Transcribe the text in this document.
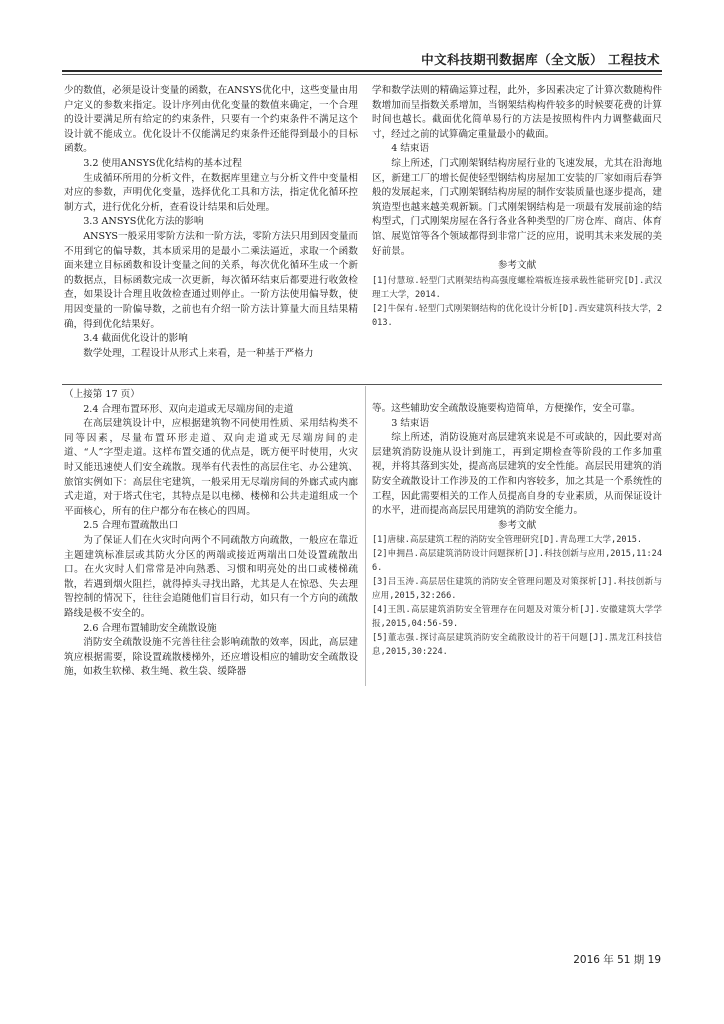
中文科技期刊数据库（全文版） 工程技术

少的数值，必须是设计变量的函数，在ANSYS优化中，这些变量由用户定义的参数来指定。设计序列由优化变量的数值来确定，一个合理的设计要满足所有给定的约束条件，只要有一个约束条件不满足这个设计就不能成立。优化设计不仅能满足约束条件还能得到最小的目标函数。

3.2 使用ANSYS优化结构的基本过程

生成循环所用的分析文件，在数据库里建立与分析文件中变量相对应的参数，声明优化变量，选择优化工具和方法，指定优化循环控制方式，进行优化分析，查看设计结果和后处理。

3.3 ANSYS优化方法的影响

ANSYS一般采用零阶方法和一阶方法，零阶方法只用到因变量而不用到它的偏导数，其本质采用的是最小二乘法逼近，求取一个函数面来建立目标函数和设计变量之间的关系，每次优化循环生成一个新的数据点，目标函数完成一次更新，每次循环结束后都要进行收敛检查，如果设计合理且收敛检查通过则停止。一阶方法使用偏导数，使用因变量的一阶偏导数，之前也有介绍一阶方法计算量大而且结果精确，得到优化结果好。

3.4 截面优化设计的影响

数学处理，工程设计从形式上来看，是一种基于严格力

学和数学法则的精确运算过程，此外，多因素决定了计算次数随构件数增加而呈指数关系增加，当钢架结构构件较多的时候要花费的计算时间也越长。截面优化简单易行的方法是按照构件内力调整截面尺寸，经过之前的试算确定重量最小的截面。

4 结束语

综上所述，门式刚架钢结构房屋行业的飞速发展，尤其在沿海地区，新建工厂的增长促使轻型钢结构房屋加工安装的厂家如雨后春笋般的发展起来，门式刚架钢结构房屋的制作安装质量也逐步提高，建筑造型也越来越美观新颖。门式刚架钢结构是一项最有发展前途的结构型式，门式刚架房屋在各行各业各种类型的厂房仓库、商店、体育馆、展览馆等各个领域都得到非常广泛的应用，说明其未来发展的美好前景。

参考文献

[1]付慧琼.轻型门式刚架结构高强度螺栓端板连接承载性能研究[D].武汉理工大学，2014.

[2]牛保有.轻型门式刚架钢结构的优化设计分析[D].西安建筑科技大学，2013.

（上接第 17 页）

2.4 合理布置环形、双向走道或无尽端房间的走道

在高层建筑设计中，应根据建筑物不同使用性质、采用结构类不同等因素，尽量布置环形走道、双向走道或无尽端房间的走道、“人”字型走道。这样布置交通的优点是，既方便平时使用，火灾时又能迅速使人们安全疏散。现举有代表性的高层住宅、办公建筑、旅馆实例如下：高层住宅建筑，一般采用无尽端房间的外廊式或内廊式走道，对于塔式住宅，其特点是以电梯、楼梯和公共走道组成一个平面核心，所有的住户都分布在核心的四周。

2.5 合理布置疏散出口

为了保证人们在火灾时向两个不同疏散方向疏散，一般应在靠近主题建筑标准层或其防火分区的两端或接近两端出口处设置疏散出口。在火灾时人们常常是冲向熟悉、习惯和明亮处的出口或楼梯疏散，若遇到烟火阻拦，就得掉头寻找出路，尤其是人在惊恐、失去理智控制的情况下，往往会追随他们盲目行动，如只有一个方向的疏散路线是极不安全的。

2.6 合理布置辅助安全疏散设施

消防安全疏散设施不完善往往会影响疏散的效率，因此，高层建筑应根据需要，除设置疏散楼梯外，还应增设相应的辅助安全疏散设施，如救生软梯、救生绳、救生袋、缓降器

等。这些辅助安全疏散设施要构造简单，方便操作，安全可靠。

3 结束语

综上所述，消防设施对高层建筑来说是不可或缺的，因此要对高层建筑消防设施从设计到施工，再到定期检查等阶段的工作多加重视，并将其落到实处，提高高层建筑的安全性能。高层民用建筑的消防安全疏散设计工作涉及的工作和内容较多，加之其是一个系统性的工程，因此需要相关的工作人员提高自身的专业素质，从而保证设计的水平，进而提高高层民用建筑的消防安全能力。

参考文献

[1]唐棣.高层建筑工程的消防安全管理研究[D].青岛理工大学,2015.

[2]申拥昌.高层建筑消防设计问题探析[J].科技创新与应用,2015,11:246.

[3]吕玉涛.高层居住建筑的消防安全管理问题及对策探析[J].科技创新与应用,2015,32:266.

[4]王凯.高层建筑消防安全管理存在问题及对策分析[J].安徽建筑大学学报,2015,04:56-59.

[5]董志强.探讨高层建筑消防安全疏散设计的若干问题[J].黑龙江科技信息,2015,30:224.

2016 年 51 期 19
